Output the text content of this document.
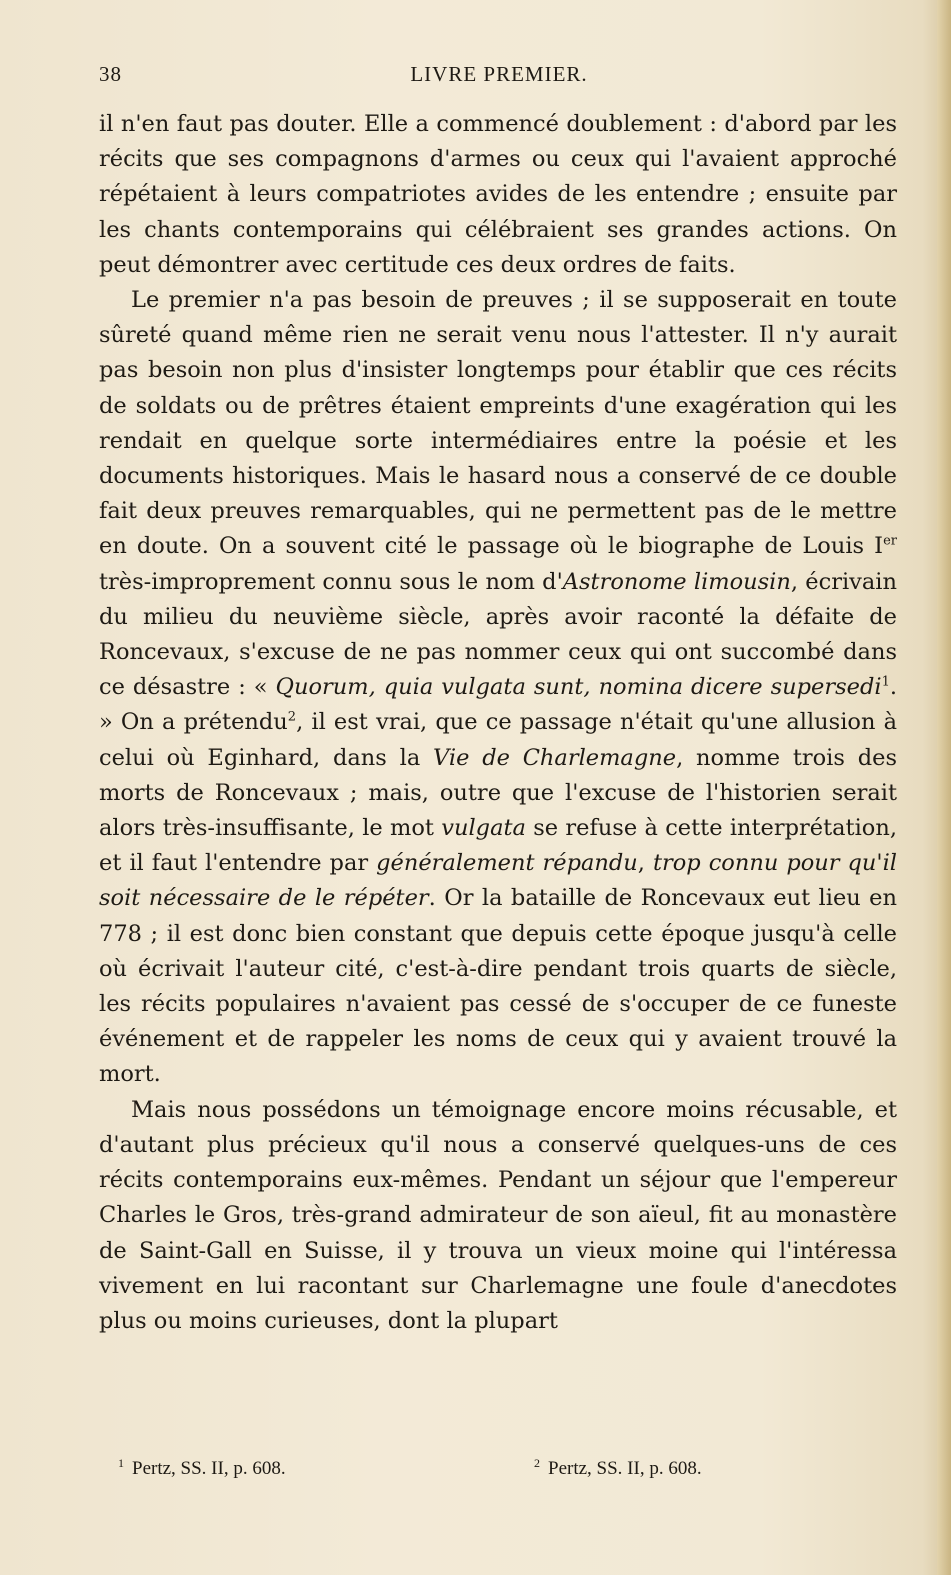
38	LIVRE PREMIER.

il n'en faut pas douter. Elle a commencé doublement : d'abord par les récits que ses compagnons d'armes ou ceux qui l'avaient approché répétaient à leurs compatriotes avides de les entendre ; ensuite par les chants contemporains qui célébraient ses grandes actions. On peut démontrer avec certitude ces deux ordres de faits.

Le premier n'a pas besoin de preuves ; il se supposerait en toute sûreté quand même rien ne serait venu nous l'attester. Il n'y aurait pas besoin non plus d'insister longtemps pour établir que ces récits de soldats ou de prêtres étaient empreints d'une exagération qui les rendait en quelque sorte intermédiaires entre la poésie et les documents historiques. Mais le hasard nous a conservé de ce double fait deux preuves remarquables, qui ne permettent pas de le mettre en doute. On a souvent cité le passage où le biographe de Louis Ier très-improprement connu sous le nom d'Astronome limousin, écrivain du milieu du neuvième siècle, après avoir raconté la défaite de Roncevaux, s'excuse de ne pas nommer ceux qui ont succombé dans ce désastre : « Quorum, quia vulgata sunt, nomina dicere supersedi$^1$. » On a prétendu$^2$, il est vrai, que ce passage n'était qu'une allusion à celui où Eginhard, dans la Vie de Charlemagne, nomme trois des morts de Roncevaux ; mais, outre que l'excuse de l'historien serait alors très-insuffisante, le mot vulgata se refuse à cette interprétation, et il faut l'entendre par généralement répandu, trop connu pour qu'il soit nécessaire de le répéter. Or la bataille de Roncevaux eut lieu en 778 ; il est donc bien constant que depuis cette époque jusqu'à celle où écrivait l'auteur cité, c'est-à-dire pendant trois quarts de siècle, les récits populaires n'avaient pas cessé de s'occuper de ce funeste événement et de rappeler les noms de ceux qui y avaient trouvé la mort.

Mais nous possédons un témoignage encore moins récusable, et d'autant plus précieux qu'il nous a conservé quelques-uns de ces récits contemporains eux-mêmes. Pendant un séjour que l'empereur Charles le Gros, très-grand admirateur de son aïeul, fit au monastère de Saint-Gall en Suisse, il y trouva un vieux moine qui l'intéressa vivement en lui racontant sur Charlemagne une foule d'anecdotes plus ou moins curieuses, dont la plupart

$^1$ Pertz, SS. II, p. 608.	$^2$ Pertz, SS. II, p. 608.
